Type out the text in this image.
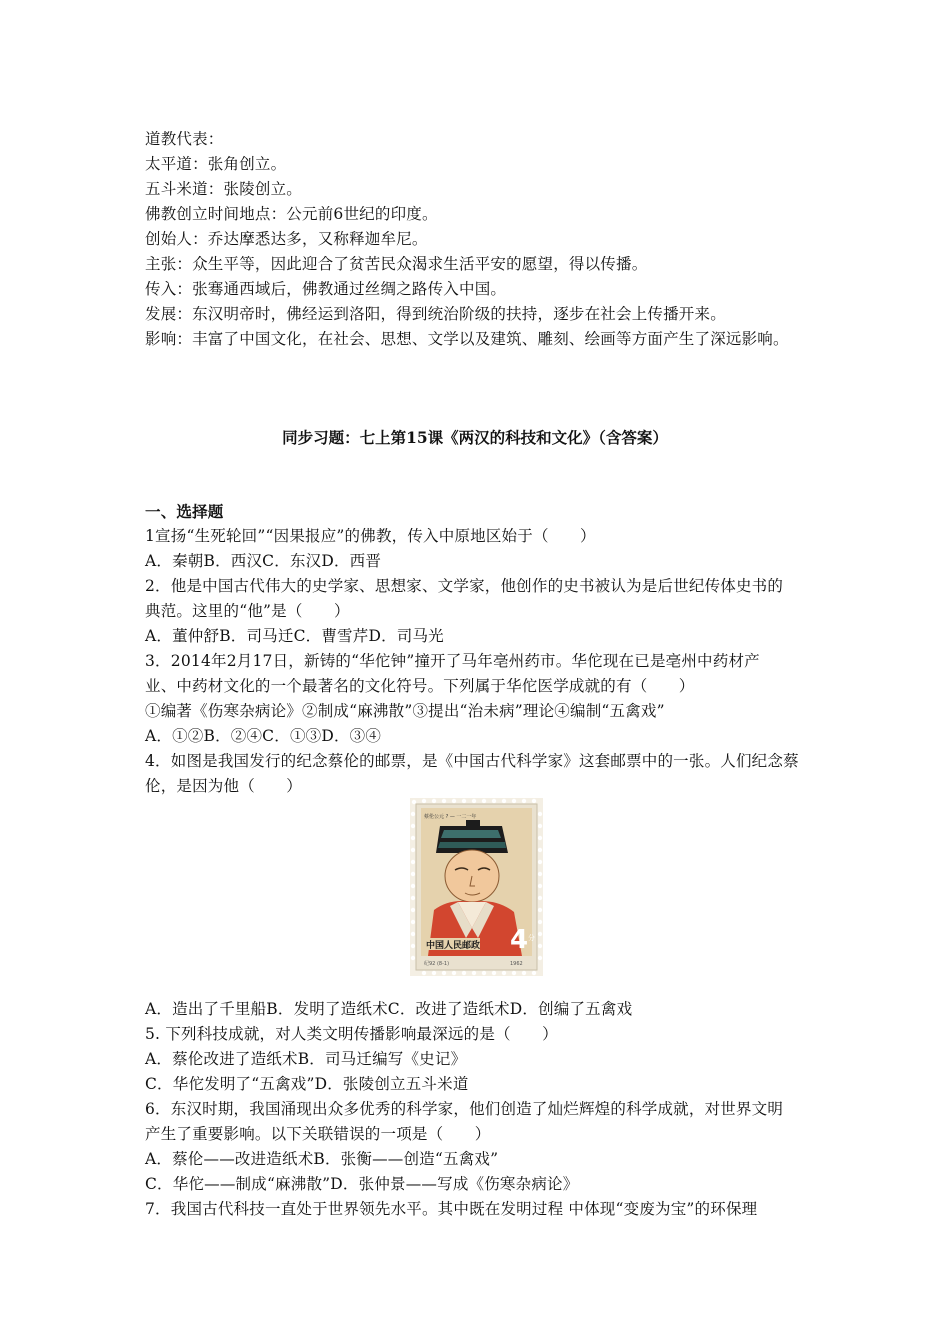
道教代表：
太平道：张角创立。
五斗米道：张陵创立。
佛教创立时间地点：公元前6世纪的印度。
创始人：乔达摩悉达多，又称释迦牟尼。
主张：众生平等，因此迎合了贫苦民众渴求生活平安的愿望，得以传播。
传入：张骞通西域后，佛教通过丝绸之路传入中国。
发展：东汉明帝时，佛经运到洛阳，得到统治阶级的扶持，逐步在社会上传播开来。
影响：丰富了中国文化，在社会、思想、文学以及建筑、雕刻、绘画等方面产生了深远影响。
同步习题：七上第15课《两汉的科技和文化》（含答案）
一、选择题
1宣扬“生死轮回”“因果报应”的佛教，传入中原地区始于（　　）
A．秦朝B．西汉C．东汉D．西晋
2．他是中国古代伟大的史学家、思想家、文学家，他创作的史书被认为是后世纪传体史书的
典范。这里的“他”是（　　）
A．董仲舒B．司马迁C．曹雪芹D．司马光
3．2014年2月17日，新铸的“华佗钟”撞开了马年亳州药市。华佗现在已是亳州中药材产
业、中药材文化的一个最著名的文化符号。下列属于华佗医学成就的有（　　）
①编著《伤寒杂病论》②制成“麻沸散”③提出“治未病”理论④编制“五禽戏”
A．①②B．②④C．①③D．③④
4．如图是我国发行的纪念蔡伦的邮票，是《中国古代科学家》这套邮票中的一张。人们纪念蔡
伦，是因为他（　　）
4 分
中国人民邮政
蔡伦公元 ? — 一二一年
纪92 (8-1)	1962
A．造出了千里船B．发明了造纸术C．改进了造纸术D．创编了五禽戏
5. 下列科技成就，对人类文明传播影响最深远的是（　　）
A．蔡伦改进了造纸术B．司马迁编写《史记》
C．华佗发明了“五禽戏”D．张陵创立五斗米道
6．东汉时期，我国涌现出众多优秀的科学家，他们创造了灿烂辉煌的科学成就，对世界文明
产生了重要影响。以下关联错误的一项是（　　）
A．蔡伦——改进造纸术B．张衡——创造“五禽戏”
C．华佗——制成“麻沸散”D．张仲景——写成《伤寒杂病论》
7．我国古代科技一直处于世界领先水平。其中既在发明过程 中体现“变废为宝”的环保理
